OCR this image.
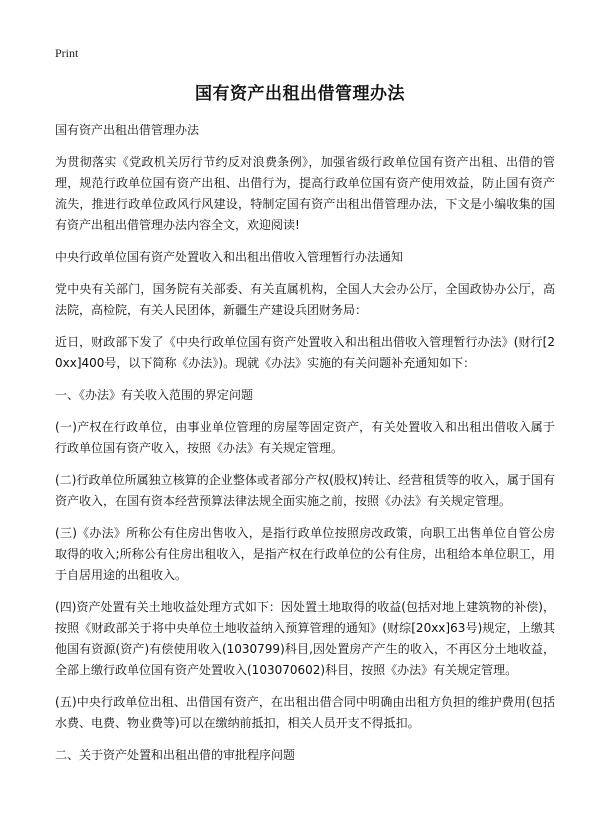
Print
国有资产出租出借管理办法

国有资产出租出借管理办法

为贯彻落实《党政机关厉行节约反对浪费条例》，加强省级行政单位国有资产出租、出借的管理，规范行政单位国有资产出租、出借行为，提高行政单位国有资产使用效益，防止国有资产流失，推进行政单位政风行风建设，特制定国有资产出租出借管理办法，下文是小编收集的国有资产出租出借管理办法内容全文，欢迎阅读!

中央行政单位国有资产处置收入和出租出借收入管理暂行办法通知

党中央有关部门，国务院有关部委、有关直属机构，全国人大会办公厅，全国政协办公厅，高法院，高检院，有关人民团体，新疆生产建设兵团财务局：

近日，财政部下发了《中央行政单位国有资产处置收入和出租出借收入管理暂行办法》(财行[20xx]400号，以下简称《办法》)。现就《办法》实施的有关问题补充通知如下：

一、《办法》有关收入范围的界定问题

(一)产权在行政单位，由事业单位管理的房屋等固定资产，有关处置收入和出租出借收入属于行政单位国有资产收入，按照《办法》有关规定管理。

(二)行政单位所属独立核算的企业整体或者部分产权(股权)转让、经营租赁等的收入，属于国有资产收入，在国有资本经营预算法律法规全面实施之前，按照《办法》有关规定管理。

(三)《办法》所称公有住房出售收入，是指行政单位按照房改政策，向职工出售单位自管公房取得的收入;所称公有住房出租收入，是指产权在行政单位的公有住房，出租给本单位职工，用于自居用途的出租收入。

(四)资产处置有关土地收益处理方式如下：因处置土地取得的收益(包括对地上建筑物的补偿)，按照《财政部关于将中央单位土地收益纳入预算管理的通知》(财综[20xx]63号)规定，上缴其他国有资源(资产)有偿使用收入(1030799)科目,因处置房产产生的收入，不再区分土地收益，全部上缴行政单位国有资产处置收入(103070602)科目，按照《办法》有关规定管理。

(五)中央行政单位出租、出借国有资产，在出租出借合同中明确由出租方负担的维护费用(包括水费、电费、物业费等)可以在缴纳前抵扣，相关人员开支不得抵扣。

二、关于资产处置和出租出借的审批程序问题
